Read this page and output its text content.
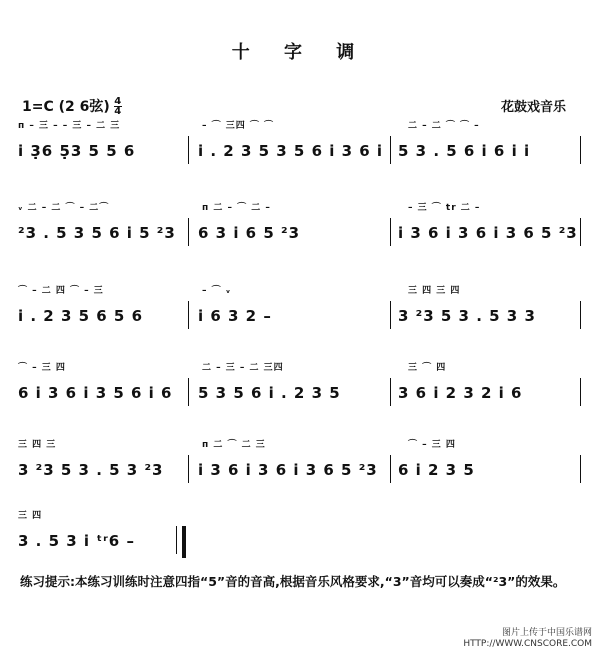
十 字 调
1=C (2 6弦) 4
4	花鼓戏音乐
ᴨ – 三 – – 三 – 二 三
i 3̣6 5̣3 5 5 6
– ⌒ 三四 ⌒ ⌒
i . 2 3 5 3 5 6 i 3 6 i
二 – 二 ⌒ ⌒ –
5 3 . 5 6 i 6 i i
ᵥ 二 – 二 ⌒ – 二⌒
²3 . 5 3 5 6 i 5 ²3
ᴨ 二 – ⌒ 二 –
6 3 i 6 5 ²3
– 三 ⌒ tr 二 –
i 3 6 i 3 6 i 3 6 5 ²3
⌒ – 二 四 ⌒ – 三
i . 2 3 5 6 5 6
– ⌒ ᵥ
i 6 3 2 –
三 四 三 四
3 ²3 5 3 . 5 3 3
⌒ – 三 四
6 i 3 6 i 3 5 6 i 6
二 – 三 – 二 三四
5 3 5 6 i . 2 3 5
三 ⌒ 四
3 6 i 2 3 2 i 6
三 四 三
3 ²3 5 3 . 5 3 ²3
ᴨ 二 ⌒ 二 三
i 3 6 i 3 6 i 3 6 5 ²3
⌒ – 三 四
6 i 2 3 5
三 四
3 . 5 3 i ᵗʳ6 –
练习提示:本练习训练时注意四指“5”音的音高,根据音乐风格要求,“3”音均可以奏成“²3”的效果。
图片上传于中国乐谱网
HTTP://WWW.CNSCORE.COM
